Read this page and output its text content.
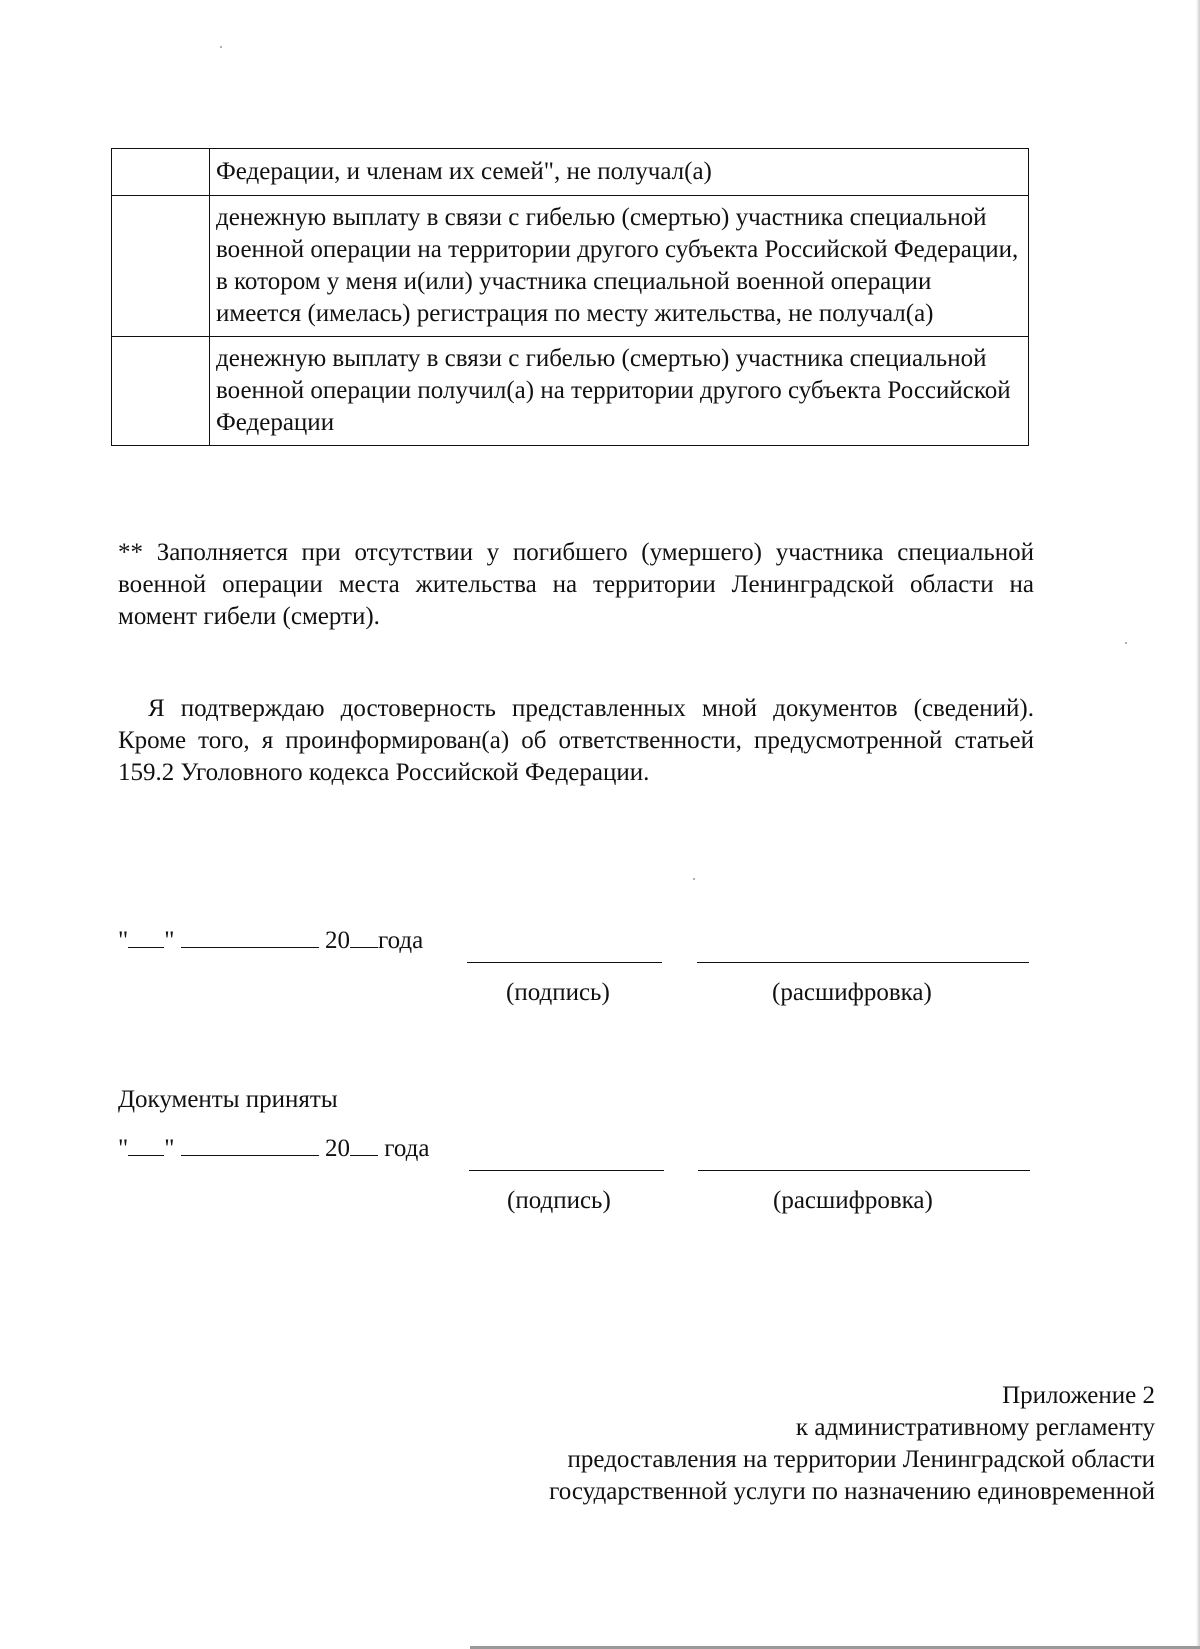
	Федерации, и членам их семей", не получал(а)
	денежную выплату в связи с гибелью (смертью) участника специальной военной операции на территории другого субъекта Российской Федерации, в котором у меня и(или) участника специальной военной операции имеется (имелась) регистрация по месту жительства, не получал(а)
	денежную выплату в связи с гибелью (смертью) участника специальной военной операции получил(а) на территории другого субъекта Российской Федерации
** Заполняется при отсутствии у погибшего (умершего) участника специальной военной операции места жительства на территории Ленинградской области на момент гибели (смерти).
Я подтверждаю достоверность представленных мной документов (сведений). Кроме того, я проинформирован(а) об ответственности, предусмотренной статьей 159.2 Уголовного кодекса Российской Федерации.
" "	20 года
(подпись)	(расшифровка)
Документы приняты
" "	20 года
(подпись)	(расшифровка)
Приложение 2
к административному регламенту
предоставления на территории Ленинградской области
государственной услуги по назначению единовременной
